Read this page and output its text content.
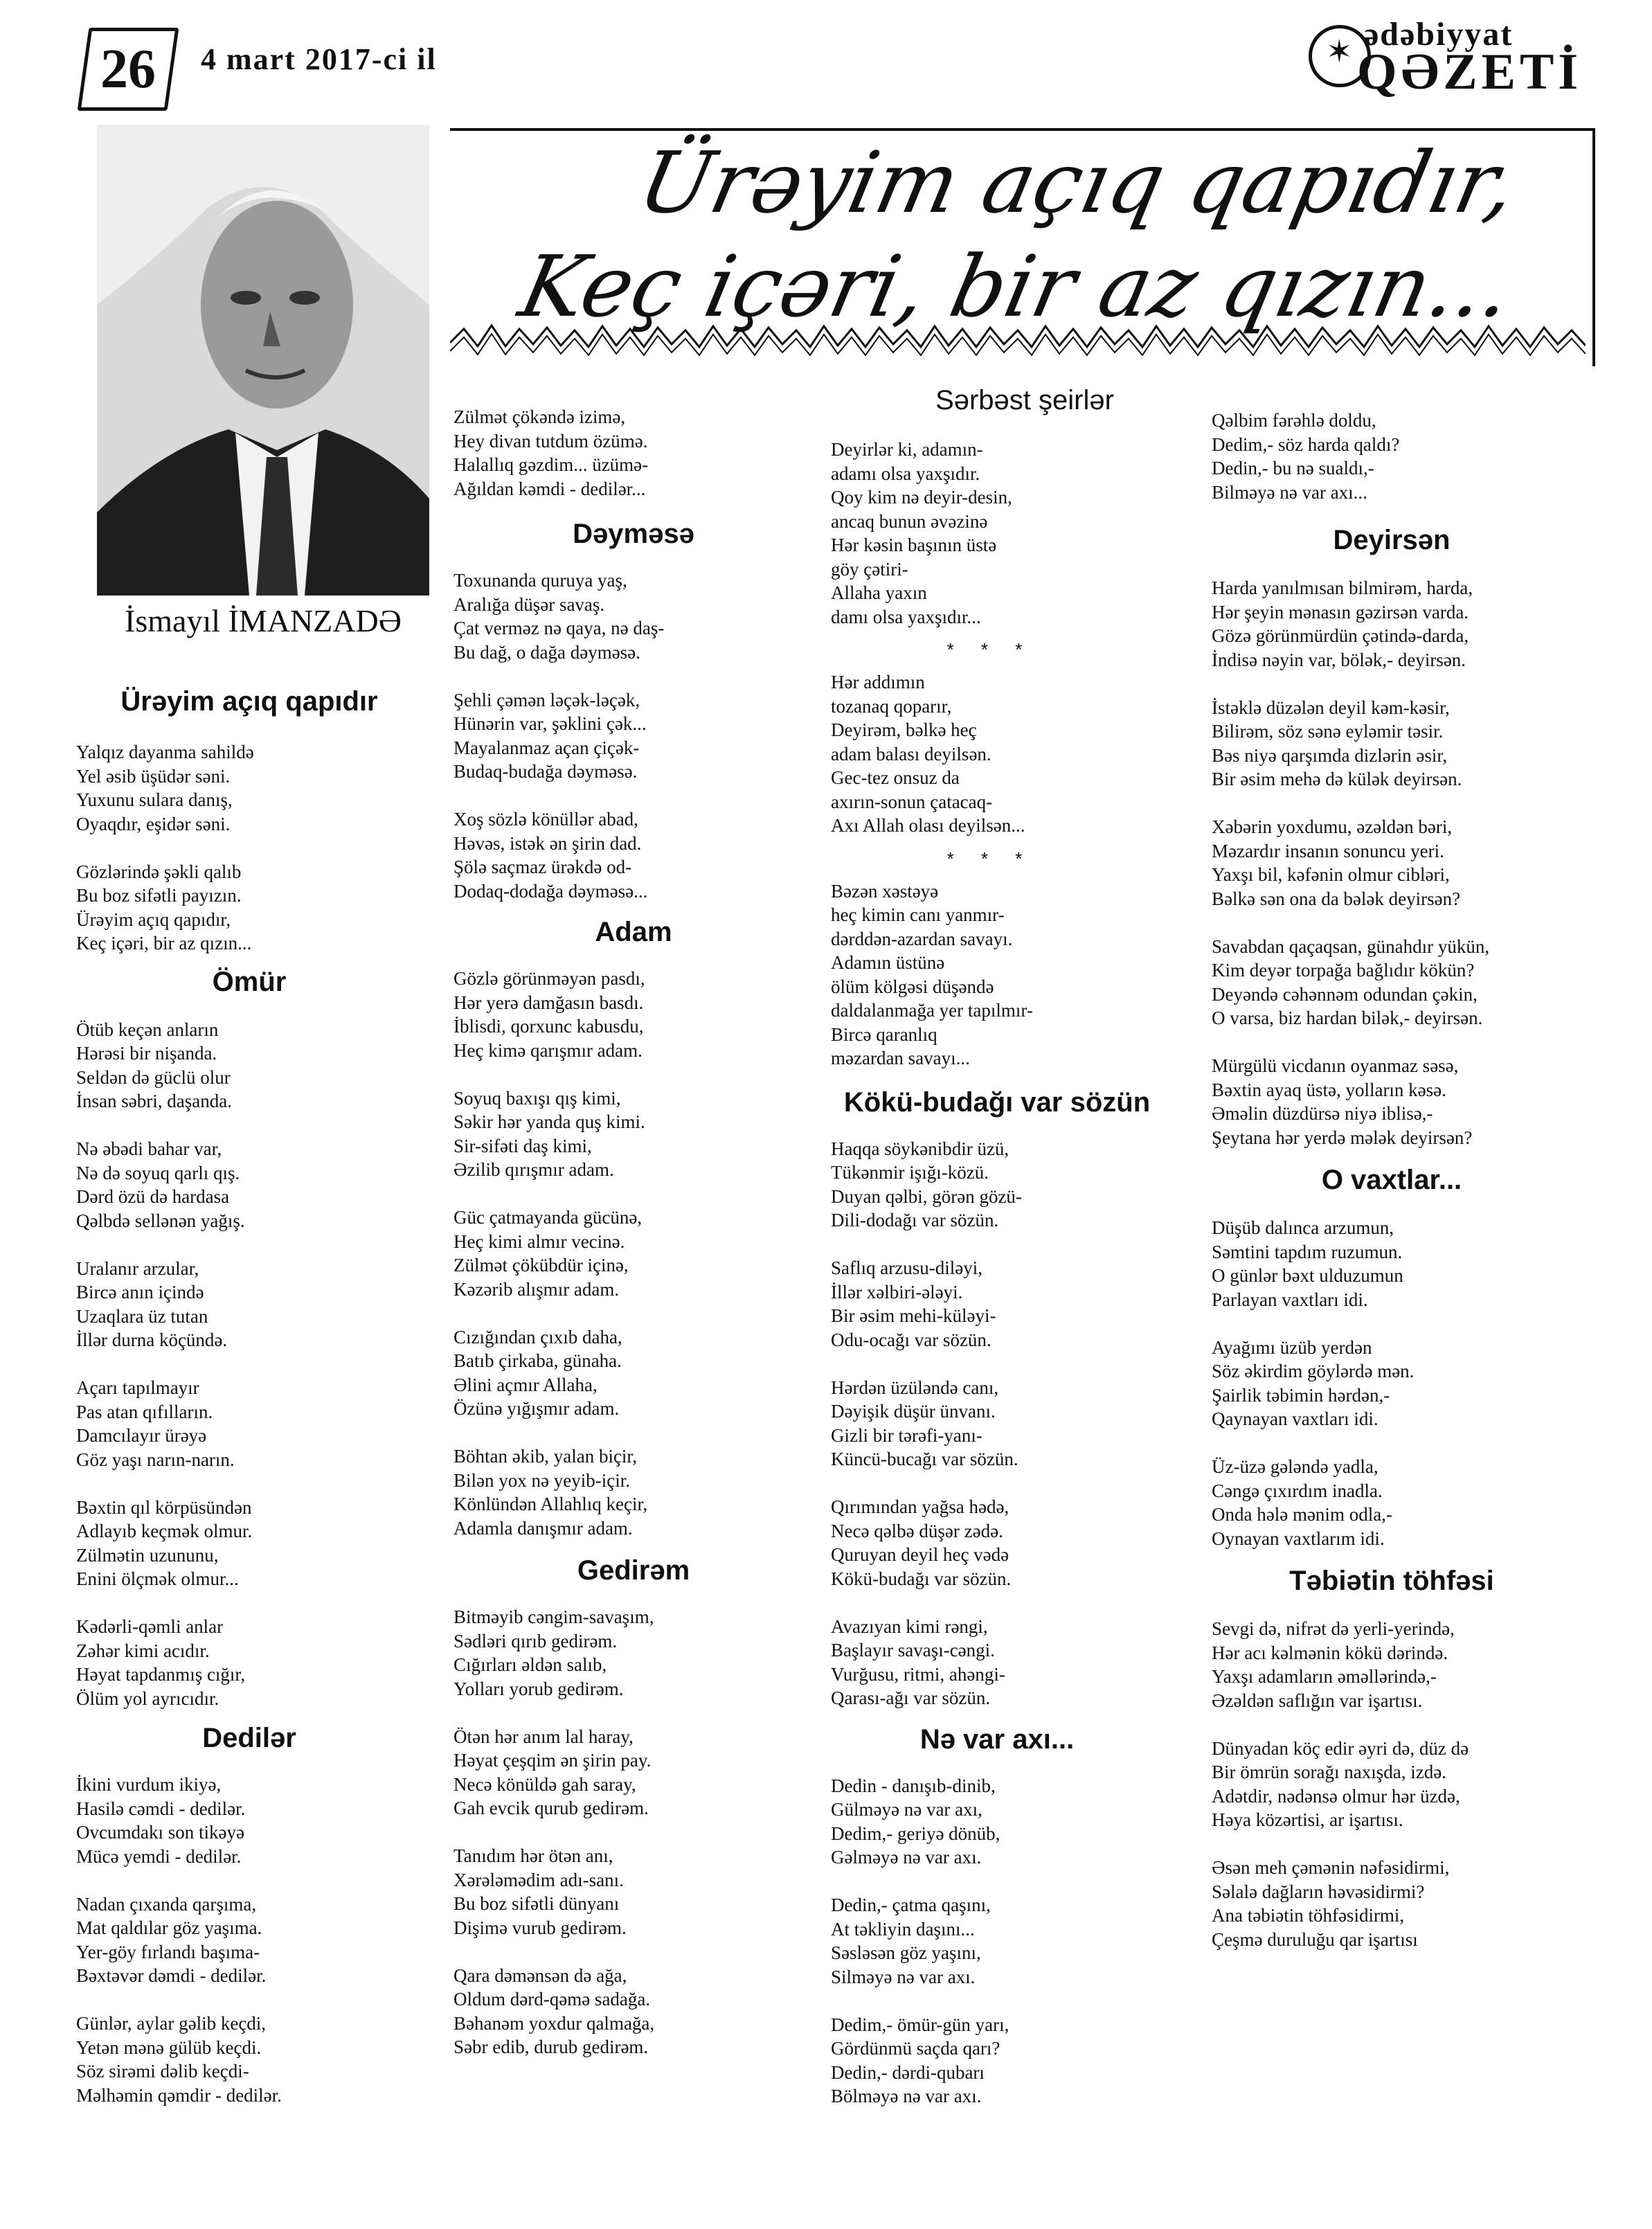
26	4 mart 2017-ci il
✶
ədəbiyyat
QƏZETİ
İsmayıl İMANZADƏ
Ürəyim açıq qapıdır,
Keç içəri, bir az qızın...
Ürəyim açıq qapıdır
Yalqız dayanma sahildə
Yel əsib üşüdər səni.
Yuxunu sulara danış,
Oyaqdır, eşidər səni.
Gözlərində şəkli qalıb
Bu boz sifətli payızın.
Ürəyim açıq qapıdır,
Keç içəri, bir az qızın...
Ömür
Ötüb keçən anların
Hərəsi bir nişanda.
Seldən də güclü olur
İnsan səbri, daşanda.
Nə əbədi bahar var,
Nə də soyuq qarlı qış.
Dərd özü də hardasa
Qəlbdə sellənən yağış.
Uralanır arzular,
Bircə anın içində
Uzaqlara üz tutan
İllər durna köçündə.
Açarı tapılmayır
Pas atan qıfılların.
Damcılayır ürəyə
Göz yaşı narın-narın.
Bəxtin qıl körpüsündən
Adlayıb keçmək olmur.
Zülmətin uzununu,
Enini ölçmək olmur...
Kədərli-qəmli anlar
Zəhər kimi acıdır.
Həyat tapdanmış cığır,
Ölüm yol ayrıcıdır.
Dedilər
İkini vurdum ikiyə,
Hasilə cəmdi - dedilər.
Ovcumdakı son tikəyə
Mücə yemdi - dedilər.
Nadan çıxanda qarşıma,
Mat qaldılar göz yaşıma.
Yer-göy fırlandı başıma-
Bəxtəvər dəmdi - dedilər.
Günlər, aylar gəlib keçdi,
Yetən mənə gülüb keçdi.
Söz sirəmi dəlib keçdi-
Məlhəmin qəmdir - dedilər.
Zülmət çökəndə izimə,
Hey divan tutdum özümə.
Halallıq gəzdim... üzümə-
Ağıldan kəmdi - dedilər...
Dəyməsə
Toxunanda quruya yaş,
Aralığa düşər savaş.
Çat verməz nə qaya, nə daş-
Bu dağ, o dağa dəyməsə.
Şehli çəmən ləçək-ləçək,
Hünərin var, şəklini çək...
Mayalanmaz açan çiçək-
Budaq-budağa dəyməsə.
Xoş sözlə könüllər abad,
Həvəs, istək ən şirin dad.
Şölə saçmaz ürəkdə od-
Dodaq-dodağa dəyməsə...
Adam
Gözlə görünməyən pasdı,
Hər yerə damğasın basdı.
İblisdi, qorxunc kabusdu,
Heç kimə qarışmır adam.
Soyuq baxışı qış kimi,
Səkir hər yanda quş kimi.
Sir-sifəti daş kimi,
Əzilib qırışmır adam.
Güc çatmayanda gücünə,
Heç kimi almır vecinə.
Zülmət çökübdür içinə,
Kəzərib alışmır adam.
Cızığından çıxıb daha,
Batıb çirkaba, günaha.
Əlini açmır Allaha,
Özünə yığışmır adam.
Böhtan əkib, yalan biçir,
Bilən yox nə yeyib-içir.
Könlündən Allahlıq keçir,
Adamla danışmır adam.
Gedirəm
Bitməyib cəngim-savaşım,
Sədləri qırıb gedirəm.
Cığırları əldən salıb,
Yolları yorub gedirəm.
Ötən hər anım lal haray,
Həyat çeşqim ən şirin pay.
Necə könüldə gah saray,
Gah evcik qurub gedirəm.
Tanıdım hər ötən anı,
Xərələmədim adı-sanı.
Bu boz sifətli dünyanı
Dişimə vurub gedirəm.
Qara dəmənsən də ağa,
Oldum dərd-qəmə sadağa.
Bəhanəm yoxdur qalmağa,
Səbr edib, durub gedirəm.
Sərbəst şeirlər
Deyirlər ki, adamın-
adamı olsa yaxşıdır.
Qoy kim nə deyir-desin,
ancaq bunun əvəzinə
Hər kəsin başının üstə
göy çətiri-
Allaha yaxın
damı olsa yaxşıdır...
* * *
Hər addımın
tozanaq qoparır,
Deyirəm, bəlkə heç
adam balası deyilsən.
Gec-tez onsuz da
axırın-sonun çatacaq-
Axı Allah olası deyilsən...
* * *
Bəzən xəstəyə
heç kimin canı yanmır-
dərddən-azardan savayı.
Adamın üstünə
ölüm kölgəsi düşəndə
daldalanmağa yer tapılmır-
Bircə qaranlıq
məzardan savayı...
Kökü-budağı var sözün
Haqqa söykənibdir üzü,
Tükənmir işığı-közü.
Duyan qəlbi, görən gözü-
Dili-dodağı var sözün.
Saflıq arzusu-diləyi,
İllər xəlbiri-ələyi.
Bir əsim mehi-küləyi-
Odu-ocağı var sözün.
Hərdən üzüləndə canı,
Dəyişik düşür ünvanı.
Gizli bir tərəfi-yanı-
Küncü-bucağı var sözün.
Qırımından yağsa hədə,
Necə qəlbə düşər zədə.
Quruyan deyil heç vədə
Kökü-budağı var sözün.
Avazıyan kimi rəngi,
Başlayır savaşı-cəngi.
Vurğusu, ritmi, ahəngi-
Qarası-ağı var sözün.
Nə var axı...
Dedin - danışıb-dinib,
Gülməyə nə var axı,
Dedim,- geriyə dönüb,
Gəlməyə nə var axı.
Dedin,- çatma qaşını,
At təkliyin daşını...
Səsləsən göz yaşını,
Silməyə nə var axı.
Dedim,- ömür-gün yarı,
Gördünmü saçda qarı?
Dedin,- dərdi-qubarı
Bölməyə nə var axı.
Qəlbim fərəhlə doldu,
Dedim,- söz harda qaldı?
Dedin,- bu nə sualdı,-
Bilməyə nə var axı...
Deyirsən
Harda yanılmısan bilmirəm, harda,
Hər şeyin mənasın gəzirsən varda.
Gözə görünmürdün çətində-darda,
İndisə nəyin var, bölək,- deyirsən.
İstəklə düzələn deyil kəm-kəsir,
Bilirəm, söz sənə eyləmir təsir.
Bəs niyə qarşımda dizlərin əsir,
Bir əsim mehə də külək deyirsən.
Xəbərin yoxdumu, əzəldən bəri,
Məzardır insanın sonuncu yeri.
Yaxşı bil, kəfənin olmur cibləri,
Bəlkə sən ona da bələk deyirsən?
Savabdan qaçaqsan, günahdır yükün,
Kim deyər torpağa bağlıdır kökün?
Deyəndə cəhənnəm odundan çəkin,
O varsa, biz hardan bilək,- deyirsən.
Mürgülü vicdanın oyanmaz səsə,
Bəxtin ayaq üstə, yolların kəsə.
Əməlin düzdürsə niyə iblisə,-
Şeytana hər yerdə mələk deyirsən?
O vaxtlar...
Düşüb dalınca arzumun,
Səmtini tapdım ruzumun.
O günlər bəxt ulduzumun
Parlayan vaxtları idi.
Ayağımı üzüb yerdən
Söz əkirdim göylərdə mən.
Şairlik təbimin hərdən,-
Qaynayan vaxtları idi.
Üz-üzə gələndə yadla,
Cəngə çıxırdım inadla.
Onda hələ mənim odla,-
Oynayan vaxtlarım idi.
Təbiətin töhfəsi
Sevgi də, nifrət də yerli-yerində,
Hər acı kəlmənin kökü dərində.
Yaxşı adamların əməllərində,-
Əzəldən saflığın var işartısı.
Dünyadan köç edir əyri də, düz də
Bir ömrün sorağı naxışda, izdə.
Adətdir, nədənsə olmur hər üzdə,
Həya közərtisi, ar işartısı.
Əsən meh çəmənin nəfəsidirmi,
Səlalə dağların həvəsidirmi?
Ana təbiətin töhfəsidirmi,
Çeşmə duruluğu qar işartısı
